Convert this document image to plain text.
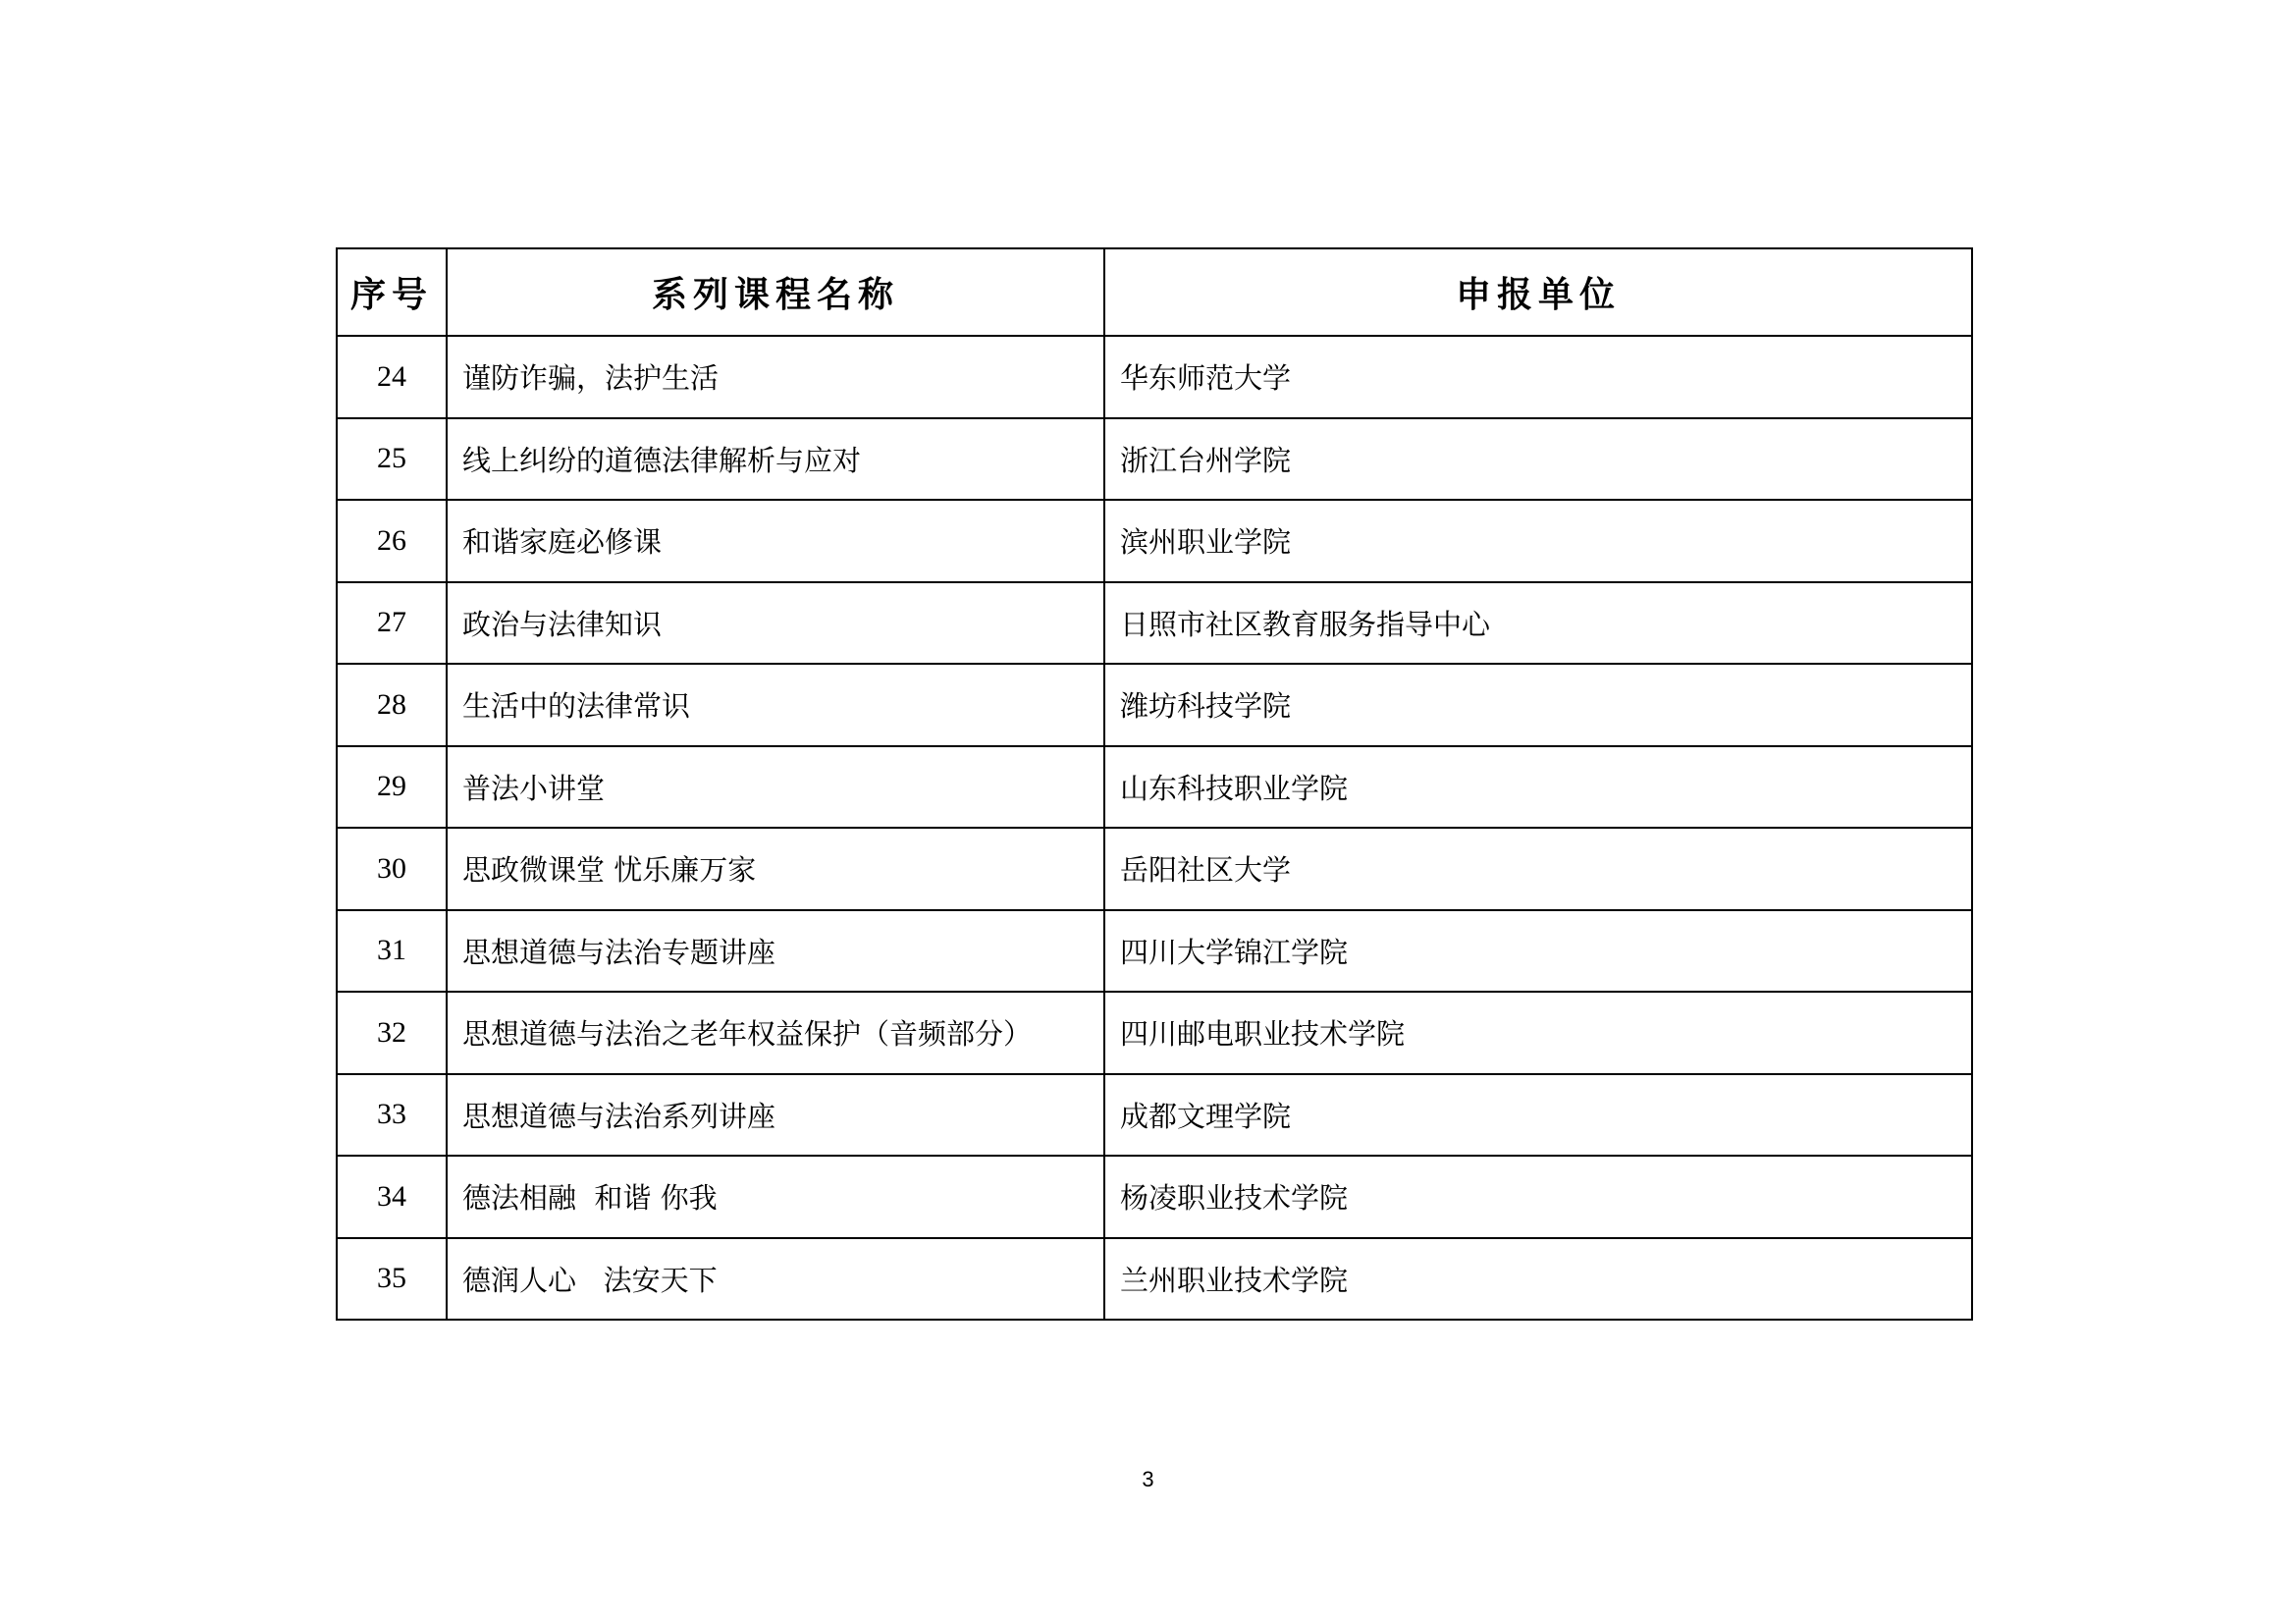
序号	系列课程名称	申报单位
24	谨防诈骗，法护生活	华东师范大学
25	线上纠纷的道德法律解析与应对	浙江台州学院
26	和谐家庭必修课	滨州职业学院
27	政治与法律知识	日照市社区教育服务指导中心
28	生活中的法律常识	潍坊科技学院
29	普法小讲堂	山东科技职业学院
30	思政微课堂 忧乐廉万家	岳阳社区大学
31	思想道德与法治专题讲座	四川大学锦江学院
32	思想道德与法治之老年权益保护（音频部分）	四川邮电职业技术学院
33	思想道德与法治系列讲座	成都文理学院
34	德法相融  和谐 你我	杨凌职业技术学院
35	德润人心   法安天下	兰州职业技术学院
3
